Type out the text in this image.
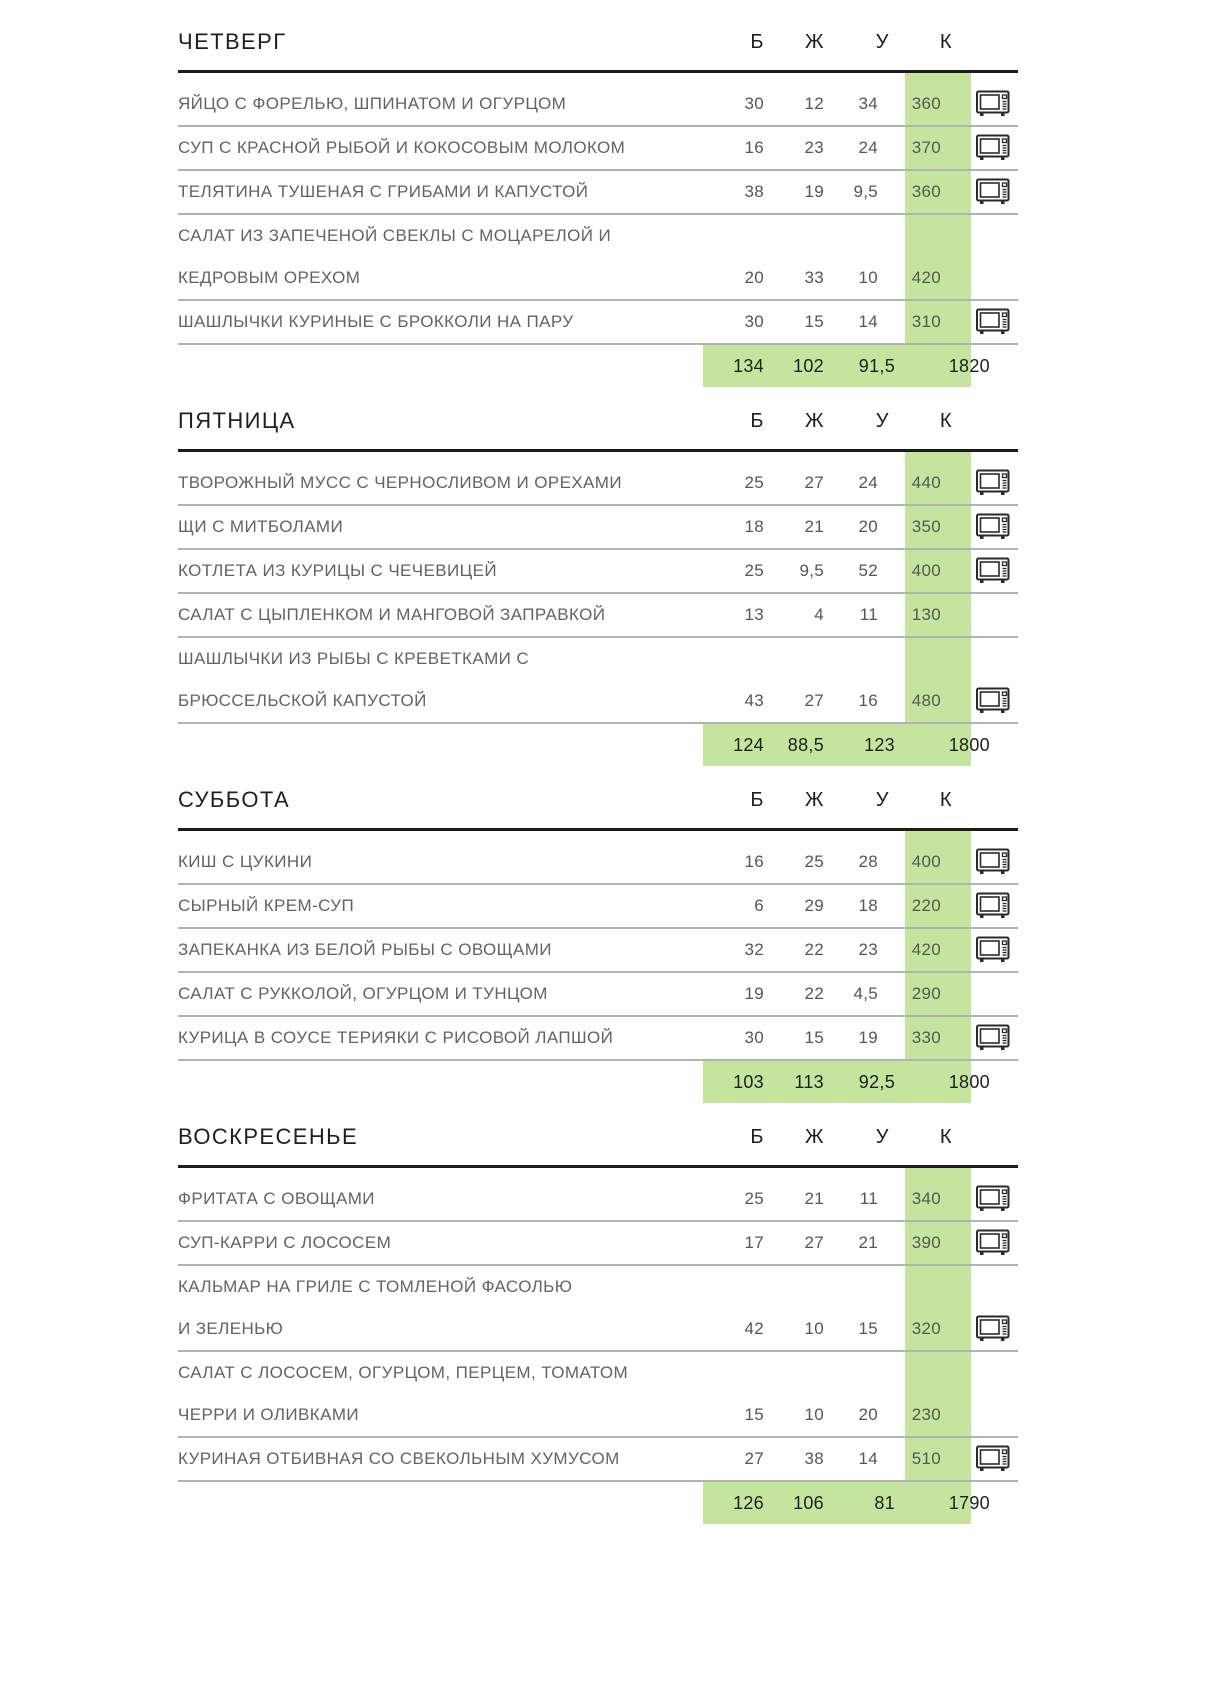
ЧЕТВЕРГ	Б Ж	У	К
ЯЙЦО С ФОРЕЛЬЮ, ШПИНАТОМ И ОГУРЦОМ	30	12	34	360
СУП С КРАСНОЙ РЫБОЙ И КОКОСОВЫМ МОЛОКОМ	16	23	24	370
ТЕЛЯТИНА ТУШЕНАЯ С ГРИБАМИ И КАПУСТОЙ	38	19	9,5	360
САЛАТ ИЗ ЗАПЕЧЕНОЙ СВЕКЛЫ С МОЦАРЕЛОЙ И
КЕДРОВЫМ ОРЕХОМ	20	33	10	420
ШАШЛЫЧКИ КУРИНЫЕ С БРОККОЛИ НА ПАРУ	30	15	14	310
134	102 91,5	1820
ПЯТНИЦА	Б Ж	У	К
ТВОРОЖНЫЙ МУСС С ЧЕРНОСЛИВОМ И ОРЕХАМИ	25	27	24	440
ЩИ С МИТБОЛАМИ	18	21	20	350
КОТЛЕТА ИЗ КУРИЦЫ С ЧЕЧЕВИЦЕЙ	25	9,5	52	400
САЛАТ С ЦЫПЛЕНКОМ И МАНГОВОЙ ЗАПРАВКОЙ	13	4	11	130
ШАШЛЫЧКИ ИЗ РЫБЫ С КРЕВЕТКАМИ С
БРЮССЕЛЬСКОЙ КАПУСТОЙ	43	27	16	480
124	88,5 123	1800
СУББОТА	Б Ж	У	К
КИШ С ЦУКИНИ	16	25	28	400
СЫРНЫЙ КРЕМ-СУП	6	29	18	220
ЗАПЕКАНКА ИЗ БЕЛОЙ РЫБЫ С ОВОЩАМИ	32	22	23	420
САЛАТ С РУККОЛОЙ, ОГУРЦОМ И ТУНЦОМ	19	22	4,5	290
КУРИЦА В СОУСЕ ТЕРИЯКИ С РИСОВОЙ ЛАПШОЙ	30	15	19	330
103	113 92,5	1800
ВОСКРЕСЕНЬЕ	Б Ж	У	К
ФРИТАТА С ОВОЩАМИ	25	21	11	340
СУП-КАРРИ С ЛОСОСЕМ	17	27	21	390
КАЛЬМАР НА ГРИЛЕ С ТОМЛЕНОЙ ФАСОЛЬЮ
И ЗЕЛЕНЬЮ	42	10	15	320
САЛАТ С ЛОСОСЕМ, ОГУРЦОМ, ПЕРЦЕМ, ТОМАТОМ
ЧЕРРИ И ОЛИВКАМИ	15	10	20	230
КУРИНАЯ ОТБИВНАЯ СО СВЕКОЛЬНЫМ ХУМУСОМ	27	38	14	510
126	106	81	1790
